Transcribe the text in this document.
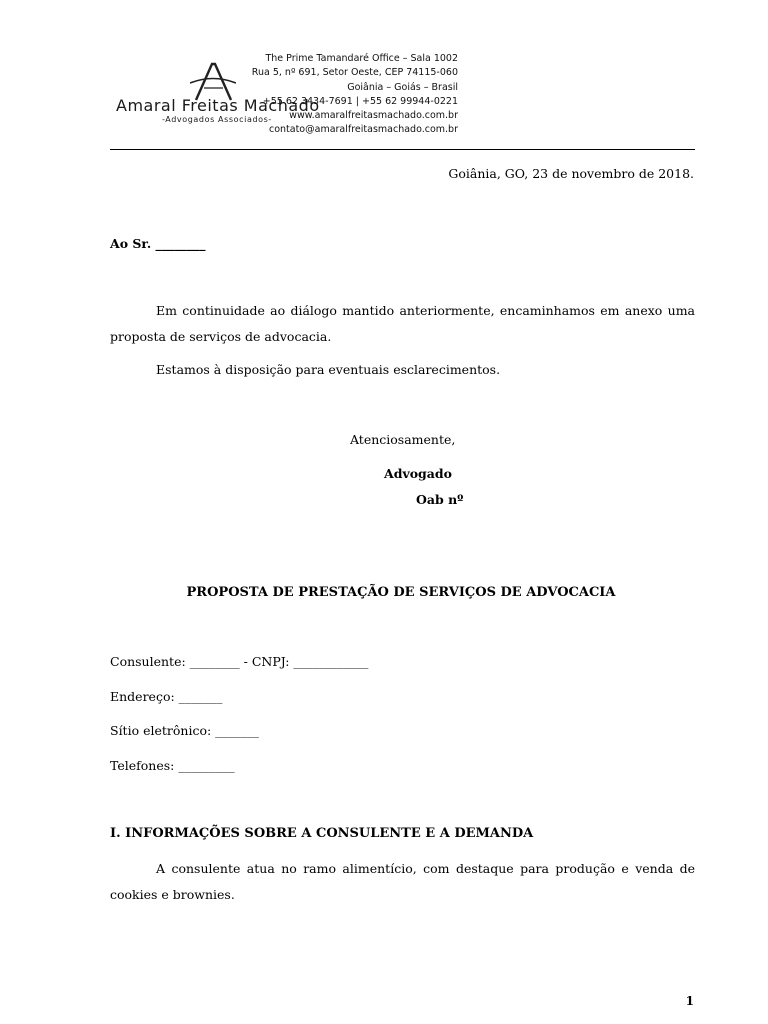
Amaral Freitas Machado
-Advogados Associados-
The Prime Tamandaré Office – Sala 1002
Rua 5, nº 691, Setor Oeste, CEP 74115-060
Goiânia – Goiás – Brasil
+55 62 3434-7691 | +55 62 99944-0221
www.amaralfreitasmachado.com.br
contato@amaralfreitasmachado.com.br
Goiânia, GO, 23 de novembro de 2018.
Ao Sr. ________
Em continuidade ao diálogo mantido anteriormente, encaminhamos em anexo uma proposta de serviços de advocacia.
Estamos à disposição para eventuais esclarecimentos.
Atenciosamente,
Advogado
Oab nº
PROPOSTA DE PRESTAÇÃO DE SERVIÇOS DE ADVOCACIA
Consulente: ________ - CNPJ: ____________
Endereço: _______
Sítio eletrônico: _______
Telefones: _________
I. INFORMAÇÕES SOBRE A CONSULENTE E A DEMANDA
A consulente atua no ramo alimentício, com destaque para produção e venda de cookies e brownies.
1
